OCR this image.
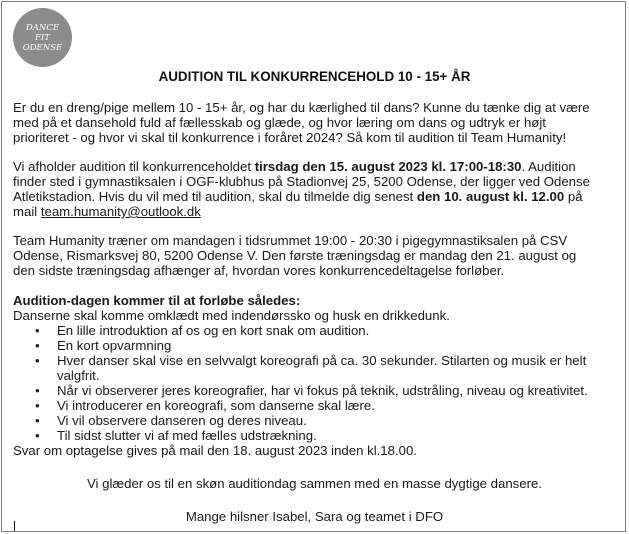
DANCE
FIT
ODENSE
AUDITION TIL KONKURRENCEHOLD 10 - 15+ ÅR

Er du en dreng/pige mellem 10 - 15+ år, og har du kærlighed til dans? Kunne du tænke dig at være med på et dansehold fuld af fællesskab og glæde, og hvor læring om dans og udtryk er højt prioriteret - og hvor vi skal til konkurrence i foråret 2024? Så kom til audition til Team Humanity!

Vi afholder audition til konkurrenceholdet tirsdag den 15. august 2023 kl. 17:00-18:30. Audition finder sted i gymnastiksalen i OGF-klubhus på Stadionvej 25, 5200 Odense, der ligger ved Odense Atletikstadion. Hvis du vil med til audition, skal du tilmelde dig senest den 10. august kl. 12.00 på mail team.humanity@outlook.dk

Team Humanity træner om mandagen i tidsrummet 19:00 - 20:30 i pigegymnastiksalen på CSV Odense, Rismarksvej 80, 5200 Odense V. Den første træningsdag er mandag den 21. august og den sidste træningsdag afhænger af, hvordan vores konkurrencedeltagelse forløber.

Audition-dagen kommer til at forløbe således:
Danserne skal komme omklædt med indendørssko og husk en drikkedunk.
• En lille introduktion af os og en kort snak om audition.
• En kort opvarmning
• Hver danser skal vise en selvvalgt koreografi på ca. 30 sekunder. Stilarten og musik er helt valgfrit.
• Når vi observerer jeres koreografier, har vi fokus på teknik, udstråling, niveau og kreativitet.
• Vi introducerer en koreografi, som danserne skal lære.
• Vi vil observere danseren og deres niveau.
• Til sidst slutter vi af med fælles udstrækning.
Svar om optagelse gives på mail den 18. august 2023 inden kl.18.00.

Vi glæder os til en skøn auditiondag sammen med en masse dygtige dansere.

Mange hilsner Isabel, Sara og teamet i DFO
